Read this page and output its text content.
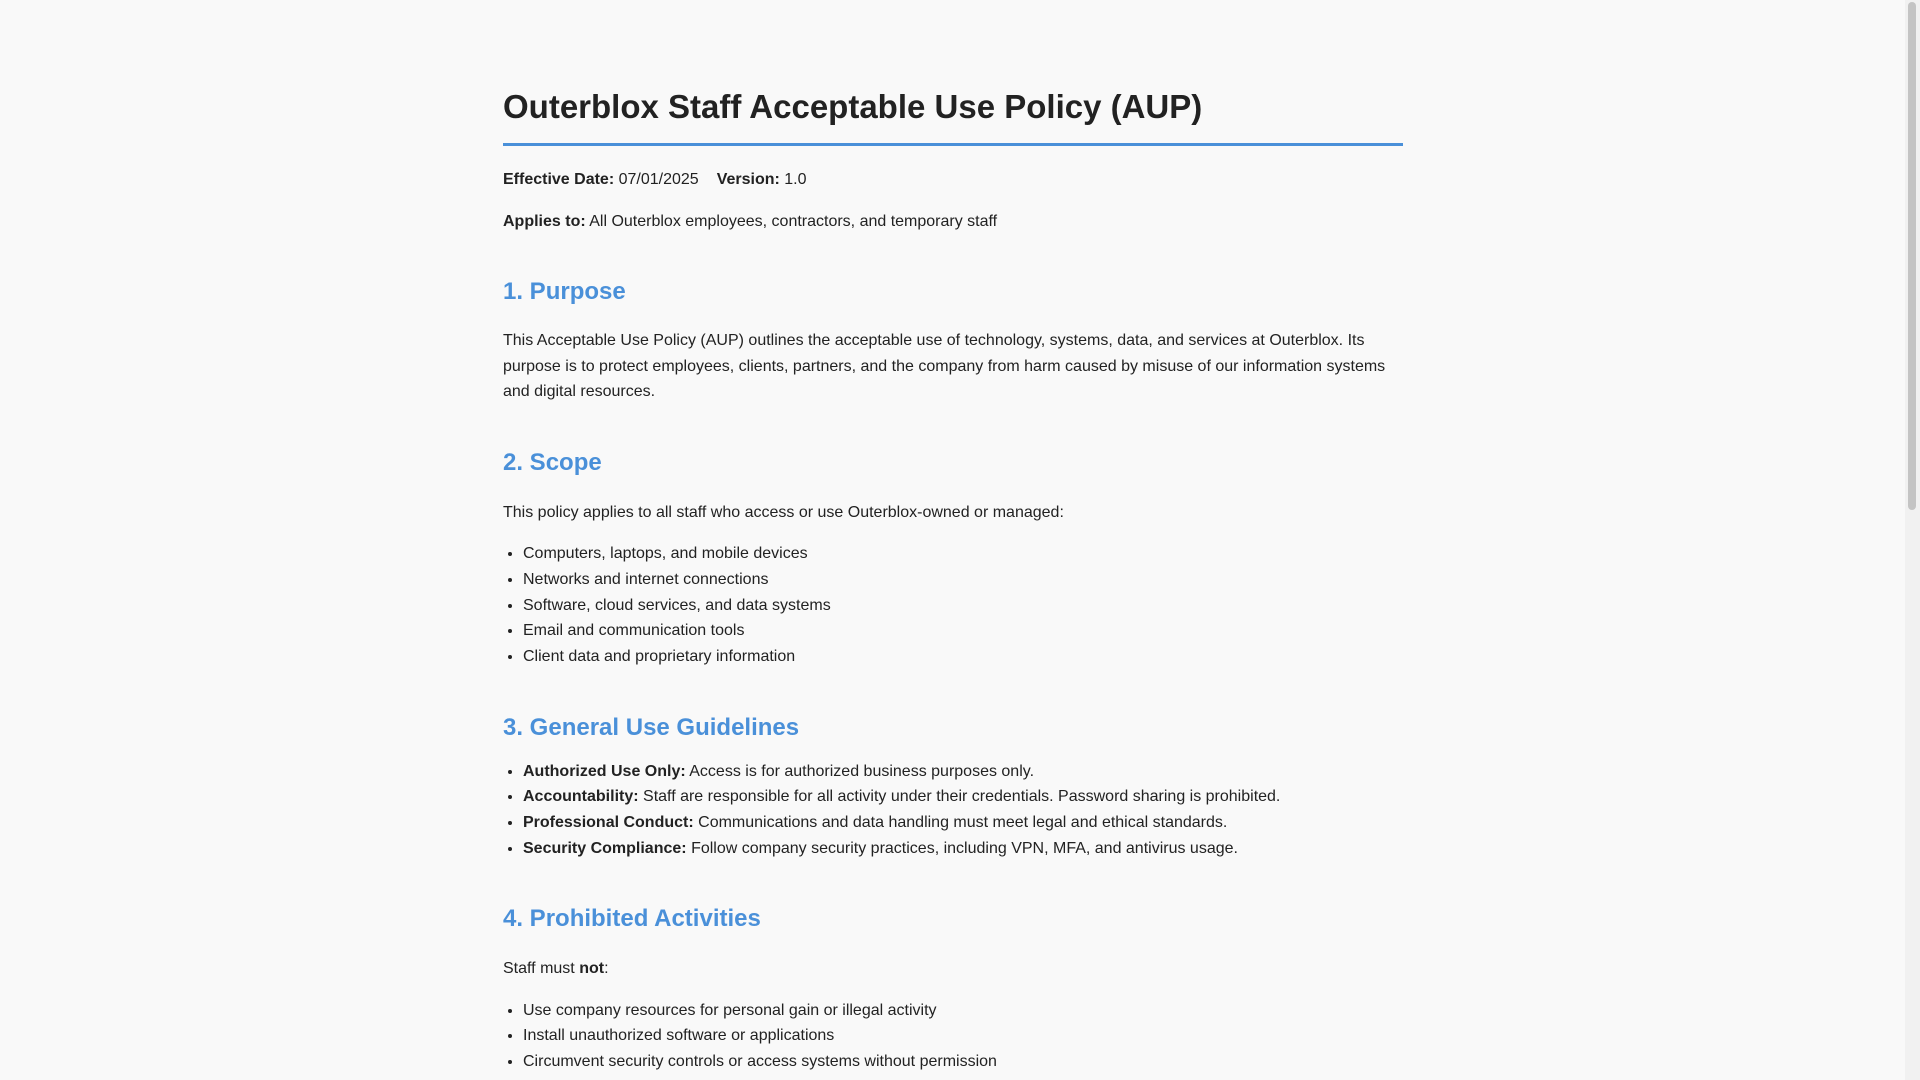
Outerblox Staff Acceptable Use Policy (AUP)
Effective Date: 07/01/2025 Version: 1.0
Applies to: All Outerblox employees, contractors, and temporary staff
1. Purpose

This Acceptable Use Policy (AUP) outlines the acceptable use of technology, systems, data, and services at Outerblox. Its purpose is to protect employees, clients, partners, and the company from harm caused by misuse of our information systems and digital resources.

2. Scope

This policy applies to all staff who access or use Outerblox-owned or managed:

• Computers, laptops, and mobile devices
• Networks and internet connections
• Software, cloud services, and data systems
• Email and communication tools
• Client data and proprietary information
3. General Use Guidelines
• Authorized Use Only: Access is for authorized business purposes only.
• Accountability: Staff are responsible for all activity under their credentials. Password sharing is prohibited.
• Professional Conduct: Communications and data handling must meet legal and ethical standards.
• Security Compliance: Follow company security practices, including VPN, MFA, and antivirus usage.
4. Prohibited Activities

Staff must not:

• Use company resources for personal gain or illegal activity
• Install unauthorized software or applications
• Circumvent security controls or access systems without permission
